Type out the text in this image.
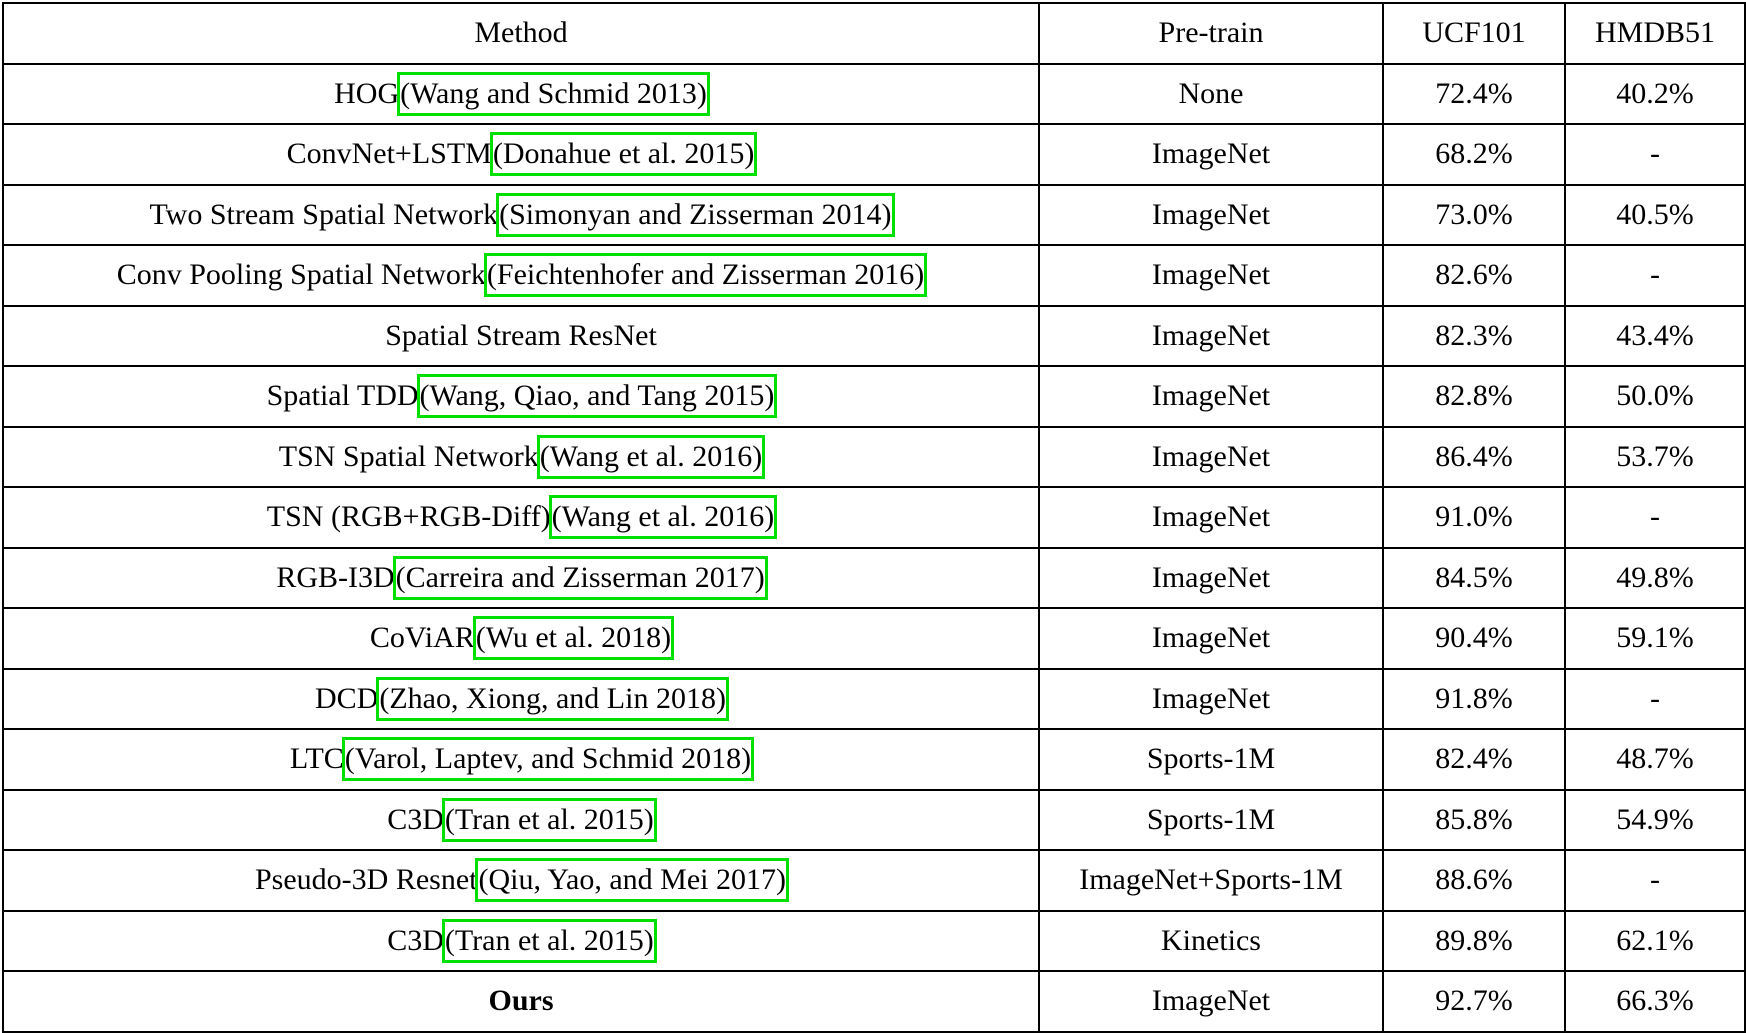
Method	Pre-train	UCF101	HMDB51
HOG(Wang and Schmid 2013)	None	72.4%	40.2%
ConvNet+LSTM(Donahue et al. 2015)	ImageNet	68.2%	-
Two Stream Spatial Network(Simonyan and Zisserman 2014)	ImageNet	73.0%	40.5%
Conv Pooling Spatial Network(Feichtenhofer and Zisserman 2016)	ImageNet	82.6%	-
Spatial Stream ResNet	ImageNet	82.3%	43.4%
Spatial TDD(Wang, Qiao, and Tang 2015)	ImageNet	82.8%	50.0%
TSN Spatial Network(Wang et al. 2016)	ImageNet	86.4%	53.7%
TSN (RGB+RGB-Diff)(Wang et al. 2016)	ImageNet	91.0%	-
RGB-I3D(Carreira and Zisserman 2017)	ImageNet	84.5%	49.8%
CoViAR(Wu et al. 2018)	ImageNet	90.4%	59.1%
DCD(Zhao, Xiong, and Lin 2018)	ImageNet	91.8%	-
LTC(Varol, Laptev, and Schmid 2018)	Sports-1M	82.4%	48.7%
C3D(Tran et al. 2015)	Sports-1M	85.8%	54.9%
Pseudo-3D Resnet(Qiu, Yao, and Mei 2017)	ImageNet+Sports-1M	88.6%	-
C3D(Tran et al. 2015)	Kinetics	89.8%	62.1%
Ours	ImageNet	92.7%	66.3%
